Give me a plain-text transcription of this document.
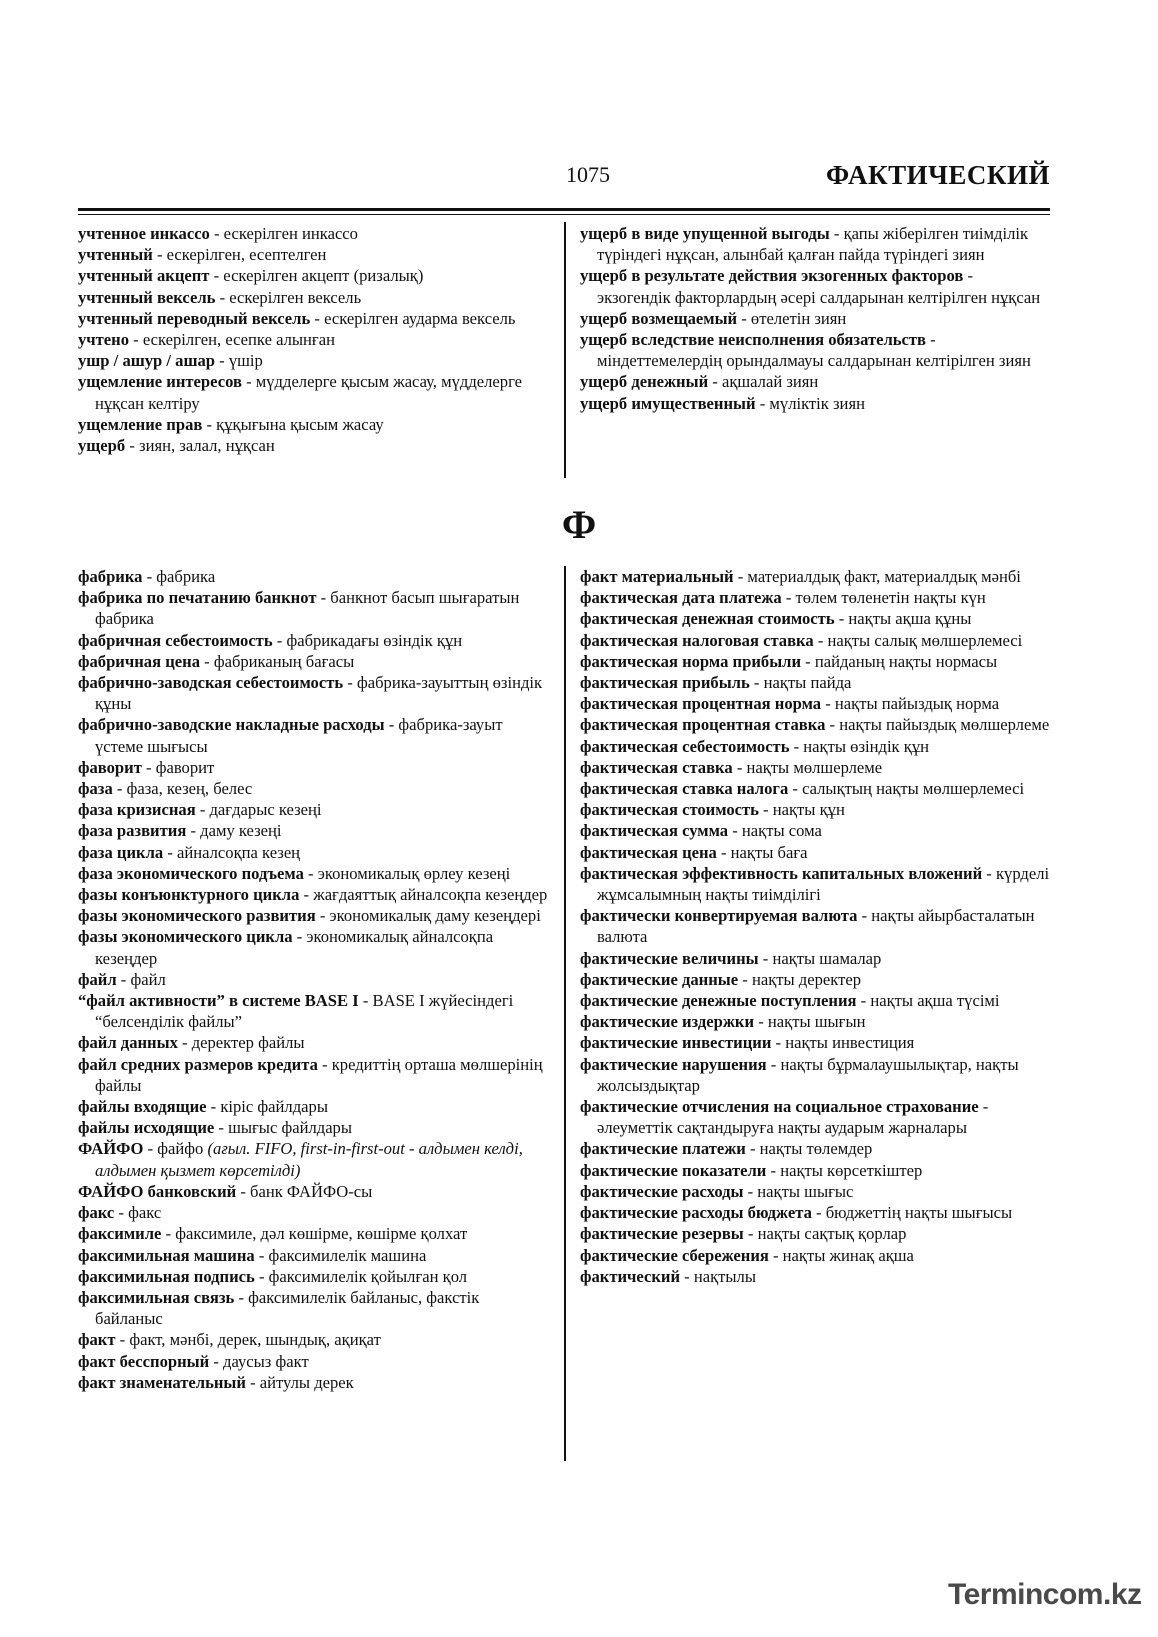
1075	ФАКТИЧЕСКИЙ

учтенное инкассо - ескерілген инкассо

учтенный - ескерілген, есептелген

учтенный акцепт - ескерілген акцепт (ризалық)

учтенный вексель - ескерілген вексель

учтенный переводный вексель - ескерілген аударма вексель

учтено - ескерілген, есепке алынған

ушр / ашур / ашар - үшір

ущемление интересов - мүдделерге қысым жасау, мүдделерге нұқсан келтіру

ущемление прав - құқығына қысым жасау

ущерб - зиян, залал, нұқсан

ущерб в виде упущенной выгоды - қапы жіберілген тиімділік түріндегі нұқсан, алынбай қалған пайда түріндегі зиян

ущерб в результате действия экзогенных факторов - экзогендік факторлардың әсері салдарынан келтірілген нұқсан

ущерб возмещаемый - өтелетін зиян

ущерб вследствие неисполнения обязательств - міндеттемелердің орындалмауы салдарынан келтірілген зиян

ущерб денежный - ақшалай зиян

ущерб имущественный - мүліктік зиян

Ф

фабрика - фабрика

фабрика по печатанию банкнот - банкнот басып шығаратын фабрика

фабричная себестоимость - фабрикадағы өзіндік құн

фабричная цена - фабриканың бағасы

фабрично-заводская себестоимость - фабрика-зауыттың өзіндік құны

фабрично-заводские накладные расходы - фабрика-зауыт үстеме шығысы

фаворит - фаворит

фаза - фаза, кезең, белес

фаза кризисная - дағдарыс кезеңі

фаза развития - даму кезеңі

фаза цикла - айналсоқпа кезең

фаза экономического подъема - экономикалық өрлеу кезеңі

фазы конъюнктурного цикла - жағдаяттық айналсоқпа кезеңдер

фазы экономического развития - экономикалық даму кезеңдері

фазы экономического цикла - экономикалық айналсоқпа кезеңдер

файл - файл

“файл активности” в системе BASE I - BASE I жүйесіндегі “белсенділік файлы”

файл данных - деректер файлы

файл средних размеров кредита - кредиттің орташа мөлшерінің файлы

файлы входящие - кіріс файлдары

файлы исходящие - шығыс файлдары

ФАЙФО - файфо (ағыл. FIFO, first-in-first-out - алдымен келді, алдымен қызмет көрсетілді)

ФАЙФО банковский - банк ФАЙФО-сы

факс - факс

факсимиле - факсимиле, дәл көшірме, көшірме қолхат

факсимильная машина - факсимилелік машина

факсимильная подпись - факсимилелік қойылған қол

факсимильная связь - факсимилелік байланыс, факстік байланыс

факт - факт, мәнбі, дерек, шындық, ақиқат

факт бесспорный - даусыз факт

факт знаменательный - айтулы дерек

факт материальный - материалдық факт, материалдық мәнбі

фактическая дата платежа - төлем төленетін нақты күн

фактическая денежная стоимость - нақты ақша құны

фактическая налоговая ставка - нақты салық мөлшерлемесі

фактическая норма прибыли - пайданың нақты нормасы

фактическая прибыль - нақты пайда

фактическая процентная норма - нақты пайыздық норма

фактическая процентная ставка - нақты пайыздық мөлшерлеме

фактическая себестоимость - нақты өзіндік құн

фактическая ставка - нақты мөлшерлеме

фактическая ставка налога - салықтың нақты мөлшерлемесі

фактическая стоимость - нақты құн

фактическая сумма - нақты сома

фактическая цена - нақты баға

фактическая эффективность капитальных вложений - күрделі жұмсалымның нақты тиімділігі

фактически конвертируемая валюта - нақты айырбасталатын валюта

фактические величины - нақты шамалар

фактические данные - нақты деректер

фактические денежные поступления - нақты ақша түсімі

фактические издержки - нақты шығын

фактические инвестиции - нақты инвестиция

фактические нарушения - нақты бұрмалаушылықтар, нақты жолсыздықтар

фактические отчисления на социальное страхование - әлеуметтік сақтандыруға нақты аударым жарналары

фактические платежи - нақты төлемдер

фактические показатели - нақты көрсеткіштер

фактические расходы - нақты шығыс

фактические расходы бюджета - бюджеттің нақты шығысы

фактические резервы - нақты сақтық қорлар

фактические сбережения - нақты жинақ ақша

фактический - нақтылы

Termincom.kz
